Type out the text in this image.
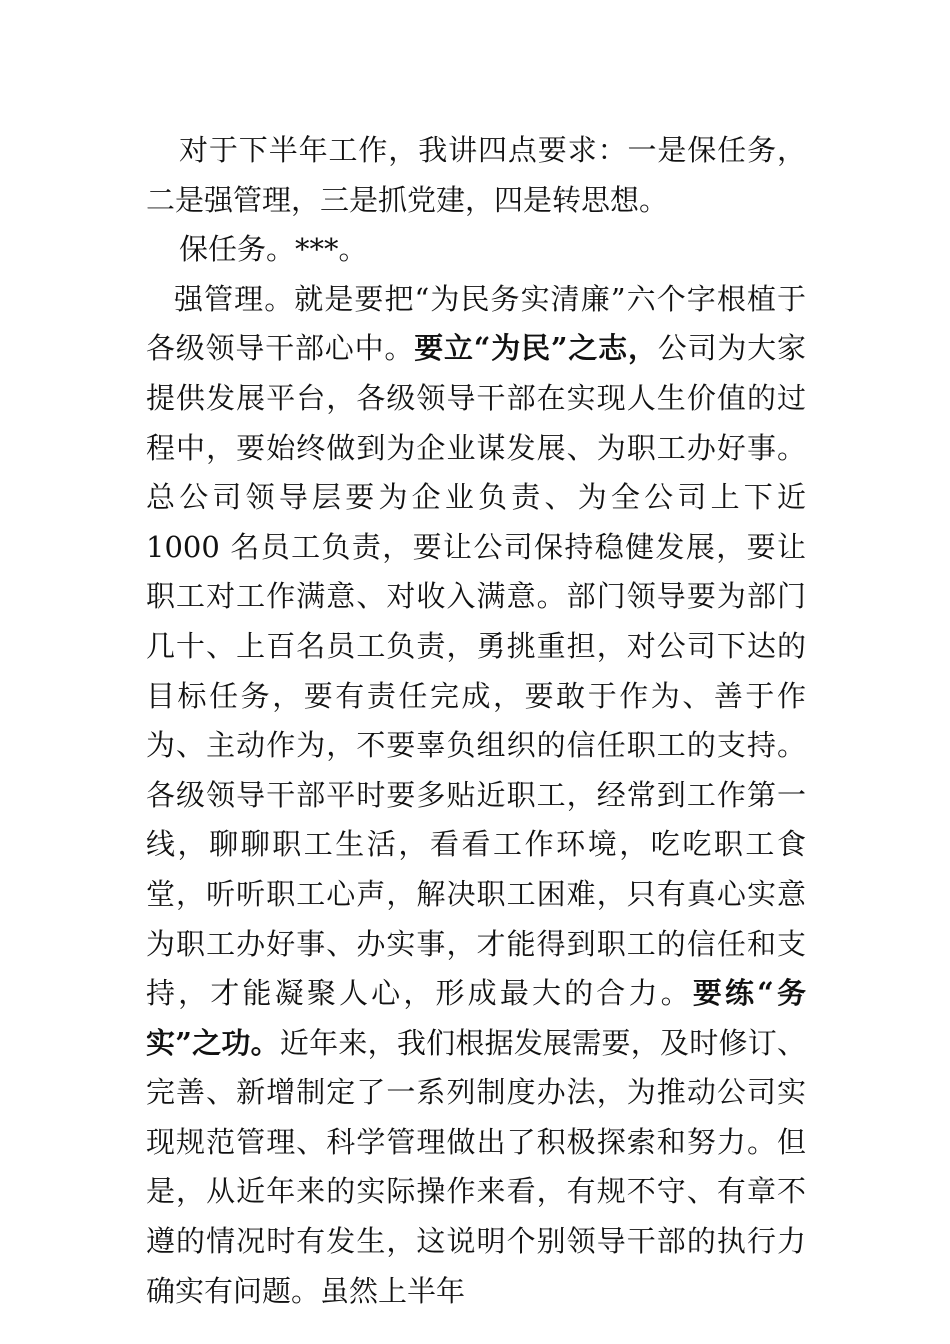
对于下半年工作，我讲四点要求：一是保任务，二是强管理，三是抓党建，四是转思想。

保任务。***。

强管理。就是要把“为民务实清廉”六个字根植于各级领导干部心中。要立“为民”之志，公司为大家提供发展平台，各级领导干部在实现人生价值的过程中，要始终做到为企业谋发展、为职工办好事。总公司领导层要为企业负责、为全公司上下近 1000 名员工负责，要让公司保持稳健发展，要让职工对工作满意、对收入满意。部门领导要为部门几十、上百名员工负责，勇挑重担，对公司下达的目标任务，要有责任完成，要敢于作为、善于作为、主动作为，不要辜负组织的信任职工的支持。各级领导干部平时要多贴近职工，经常到工作第一线，聊聊职工生活，看看工作环境，吃吃职工食堂，听听职工心声，解决职工困难，只有真心实意为职工办好事、办实事，才能得到职工的信任和支持，才能凝聚人心，形成最大的合力。要练“务实”之功。近年来，我们根据发展需要，及时修订、完善、新增制定了一系列制度办法，为推动公司实现规范管理、科学管理做出了积极探索和努力。但是，从近年来的实际操作来看，有规不守、有章不遵的情况时有发生，这说明个别领导干部的执行力确实有问题。虽然上半年
